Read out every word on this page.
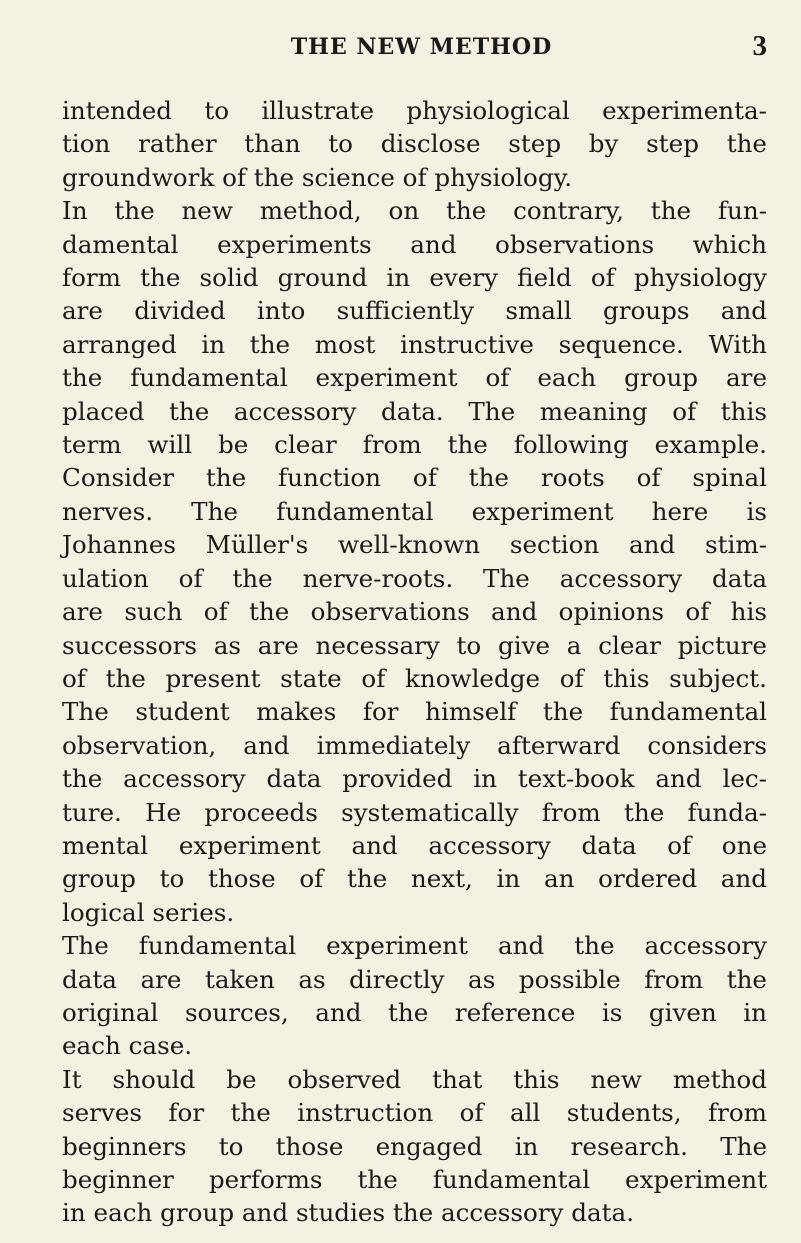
THE NEW METHOD	3

intended to illustrate physiological experimenta-
tion rather than to disclose step by step the
groundwork of the science of physiology.

In the new method, on the contrary, the fun-
damental experiments and observations which
form the solid ground in every field of physiology
are divided into sufficiently small groups and
arranged in the most instructive sequence. With
the fundamental experiment of each group are
placed the accessory data. The meaning of this
term will be clear from the following example.
Consider the function of the roots of spinal
nerves. The fundamental experiment here is
Johannes Müller's well-known section and stim-
ulation of the nerve-roots. The accessory data
are such of the observations and opinions of his
successors as are necessary to give a clear picture
of the present state of knowledge of this subject.
The student makes for himself the fundamental
observation, and immediately afterward considers
the accessory data provided in text-book and lec-
ture. He proceeds systematically from the funda-
mental experiment and accessory data of one
group to those of the next, in an ordered and
logical series.

The fundamental experiment and the accessory
data are taken as directly as possible from the
original sources, and the reference is given in
each case.

It should be observed that this new method
serves for the instruction of all students, from
beginners to those engaged in research. The
beginner performs the fundamental experiment
in each group and studies the accessory data.
